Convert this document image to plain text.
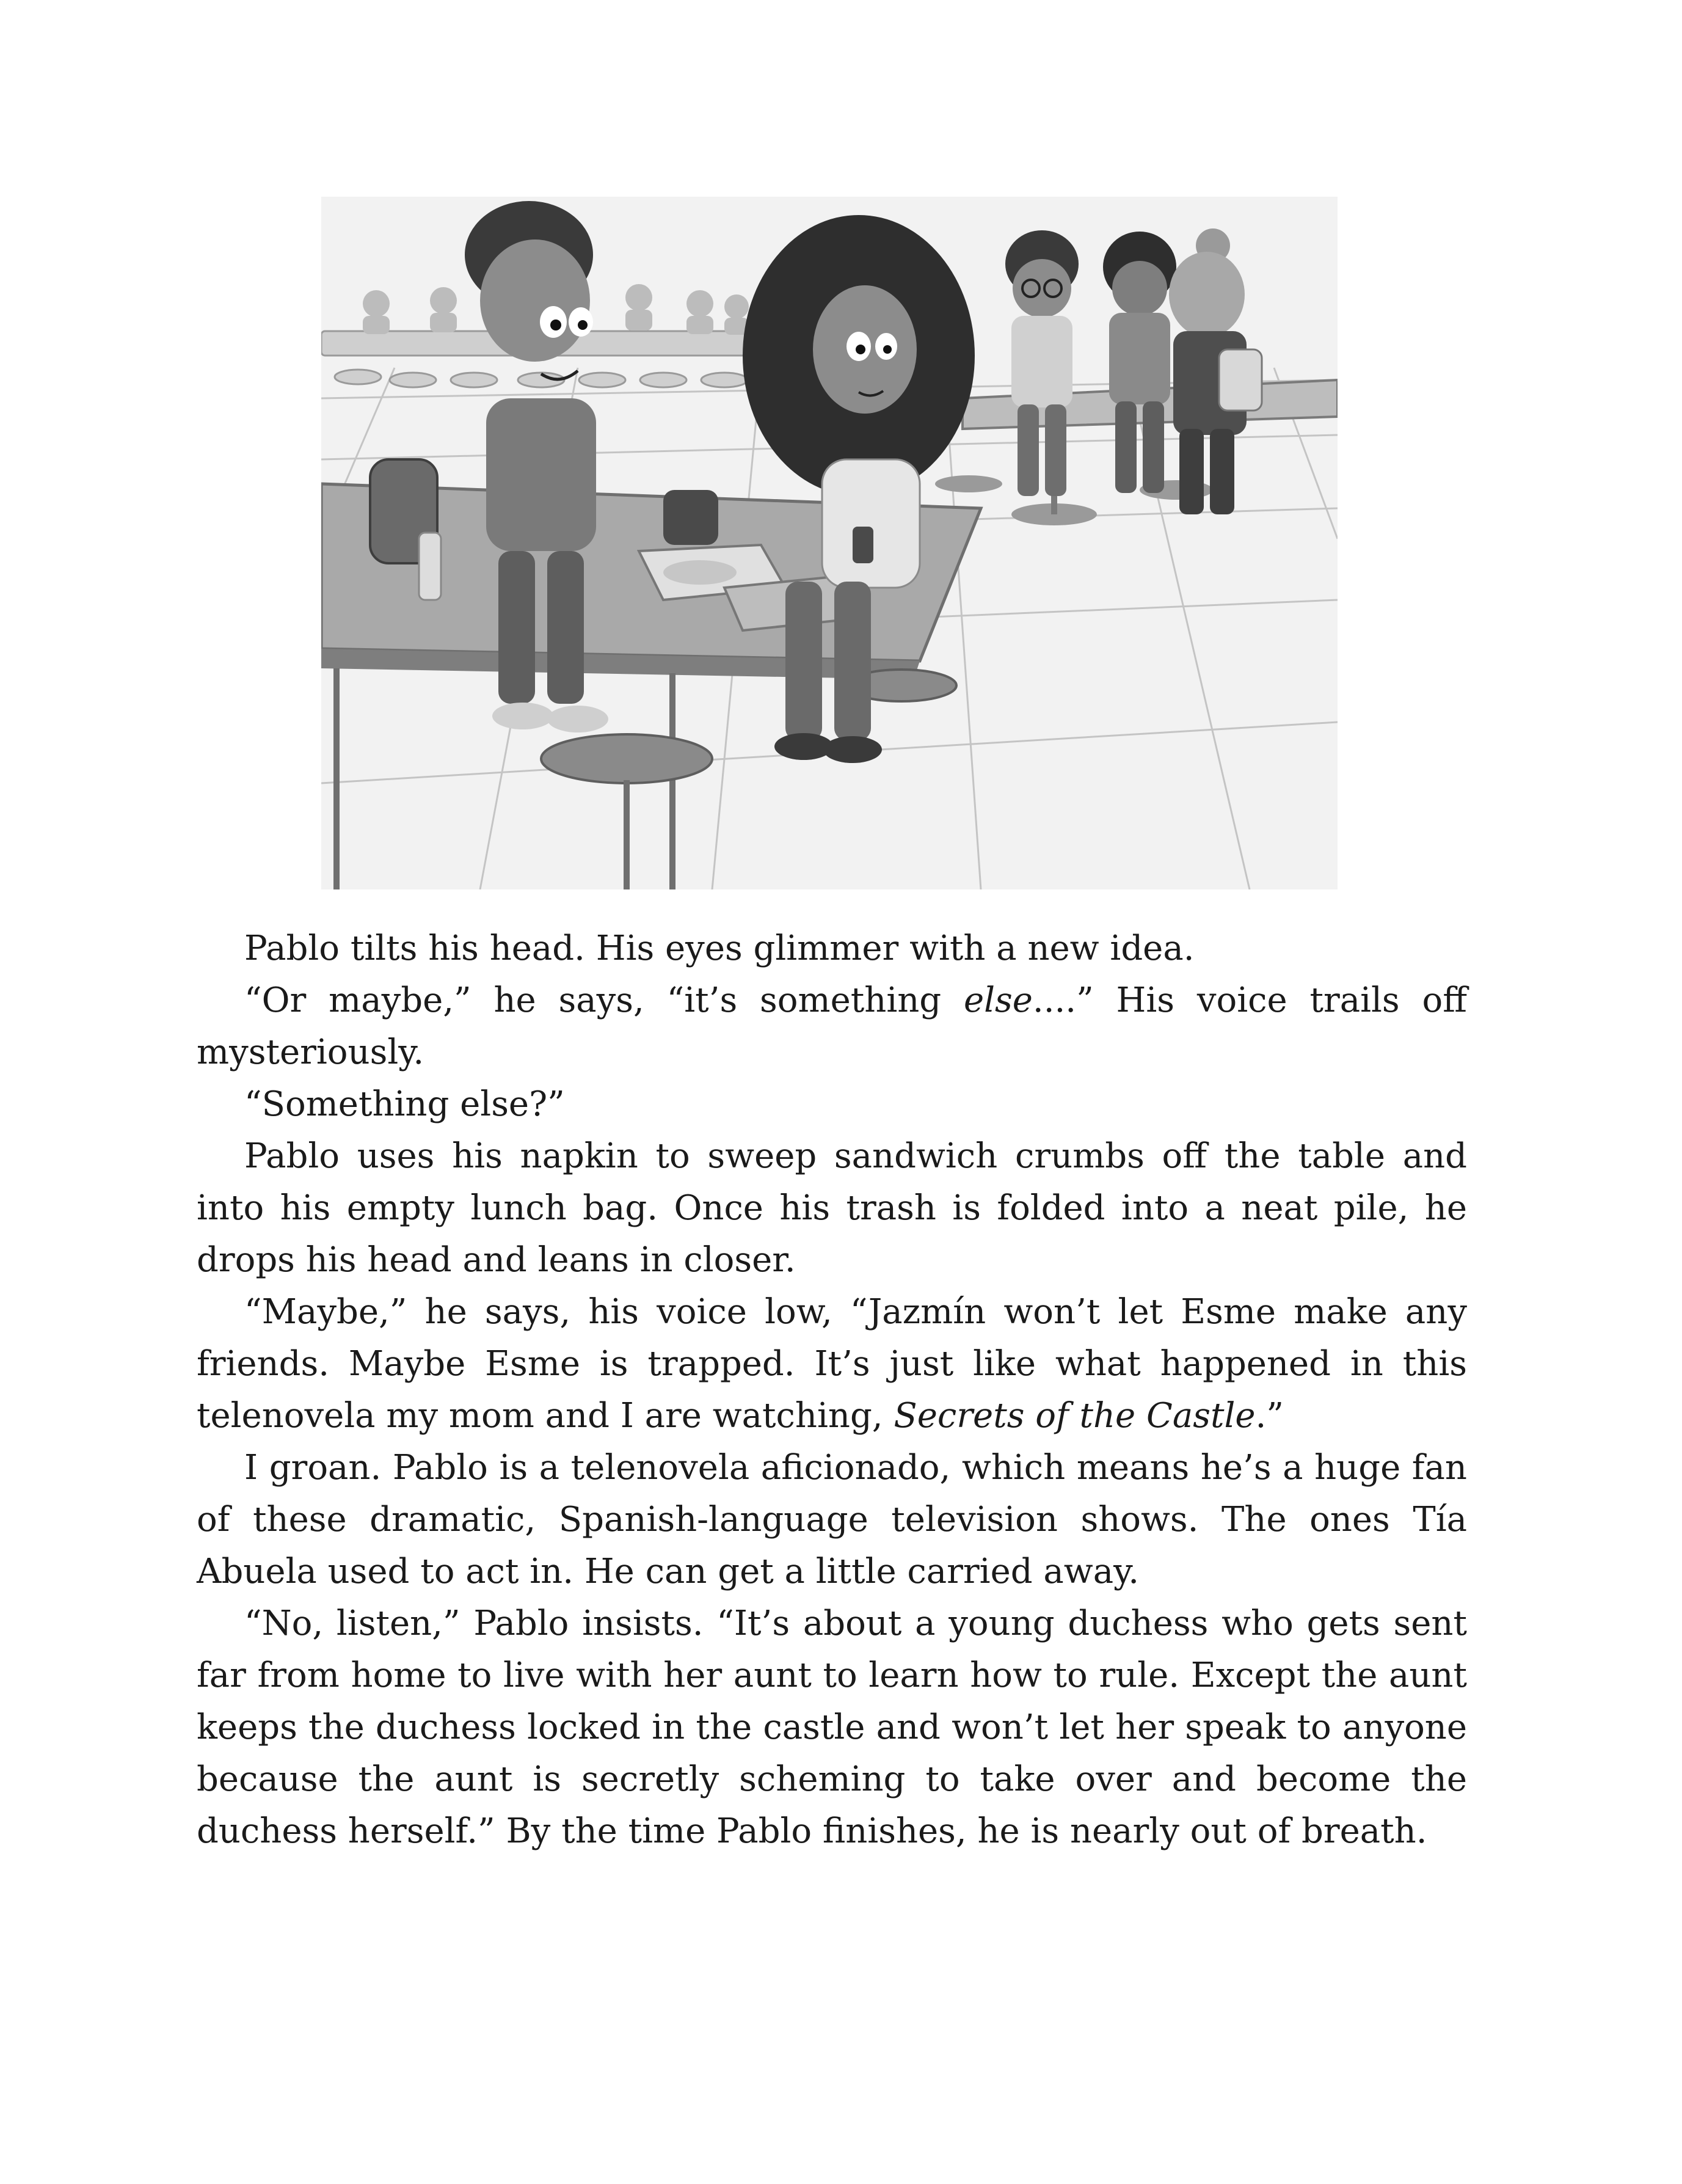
Pablo tilts his head. His eyes glimmer with a new idea.

“Or maybe,” he says, “it’s something else....” His voice trails off mysteriously.

“Something else?”

Pablo uses his napkin to sweep sandwich crumbs off the table and into his empty lunch bag. Once his trash is folded into a neat pile, he drops his head and leans in closer.

“Maybe,” he says, his voice low, “Jazmín won’t let Esme make any friends. Maybe Esme is trapped. It’s just like what happened in this telenovela my mom and I are watching, Secrets of the Castle.”

I groan. Pablo is a telenovela aficionado, which means he’s a huge fan of these dramatic, Spanish-language television shows. The ones Tía Abuela used to act in. He can get a little carried away.

“No, listen,” Pablo insists. “It’s about a young duchess who gets sent far from home to live with her aunt to learn how to rule. Except the aunt keeps the duchess locked in the castle and won’t let her speak to anyone because the aunt is secretly scheming to take over and become the duchess herself.” By the time Pablo finishes, he is nearly out of breath.
